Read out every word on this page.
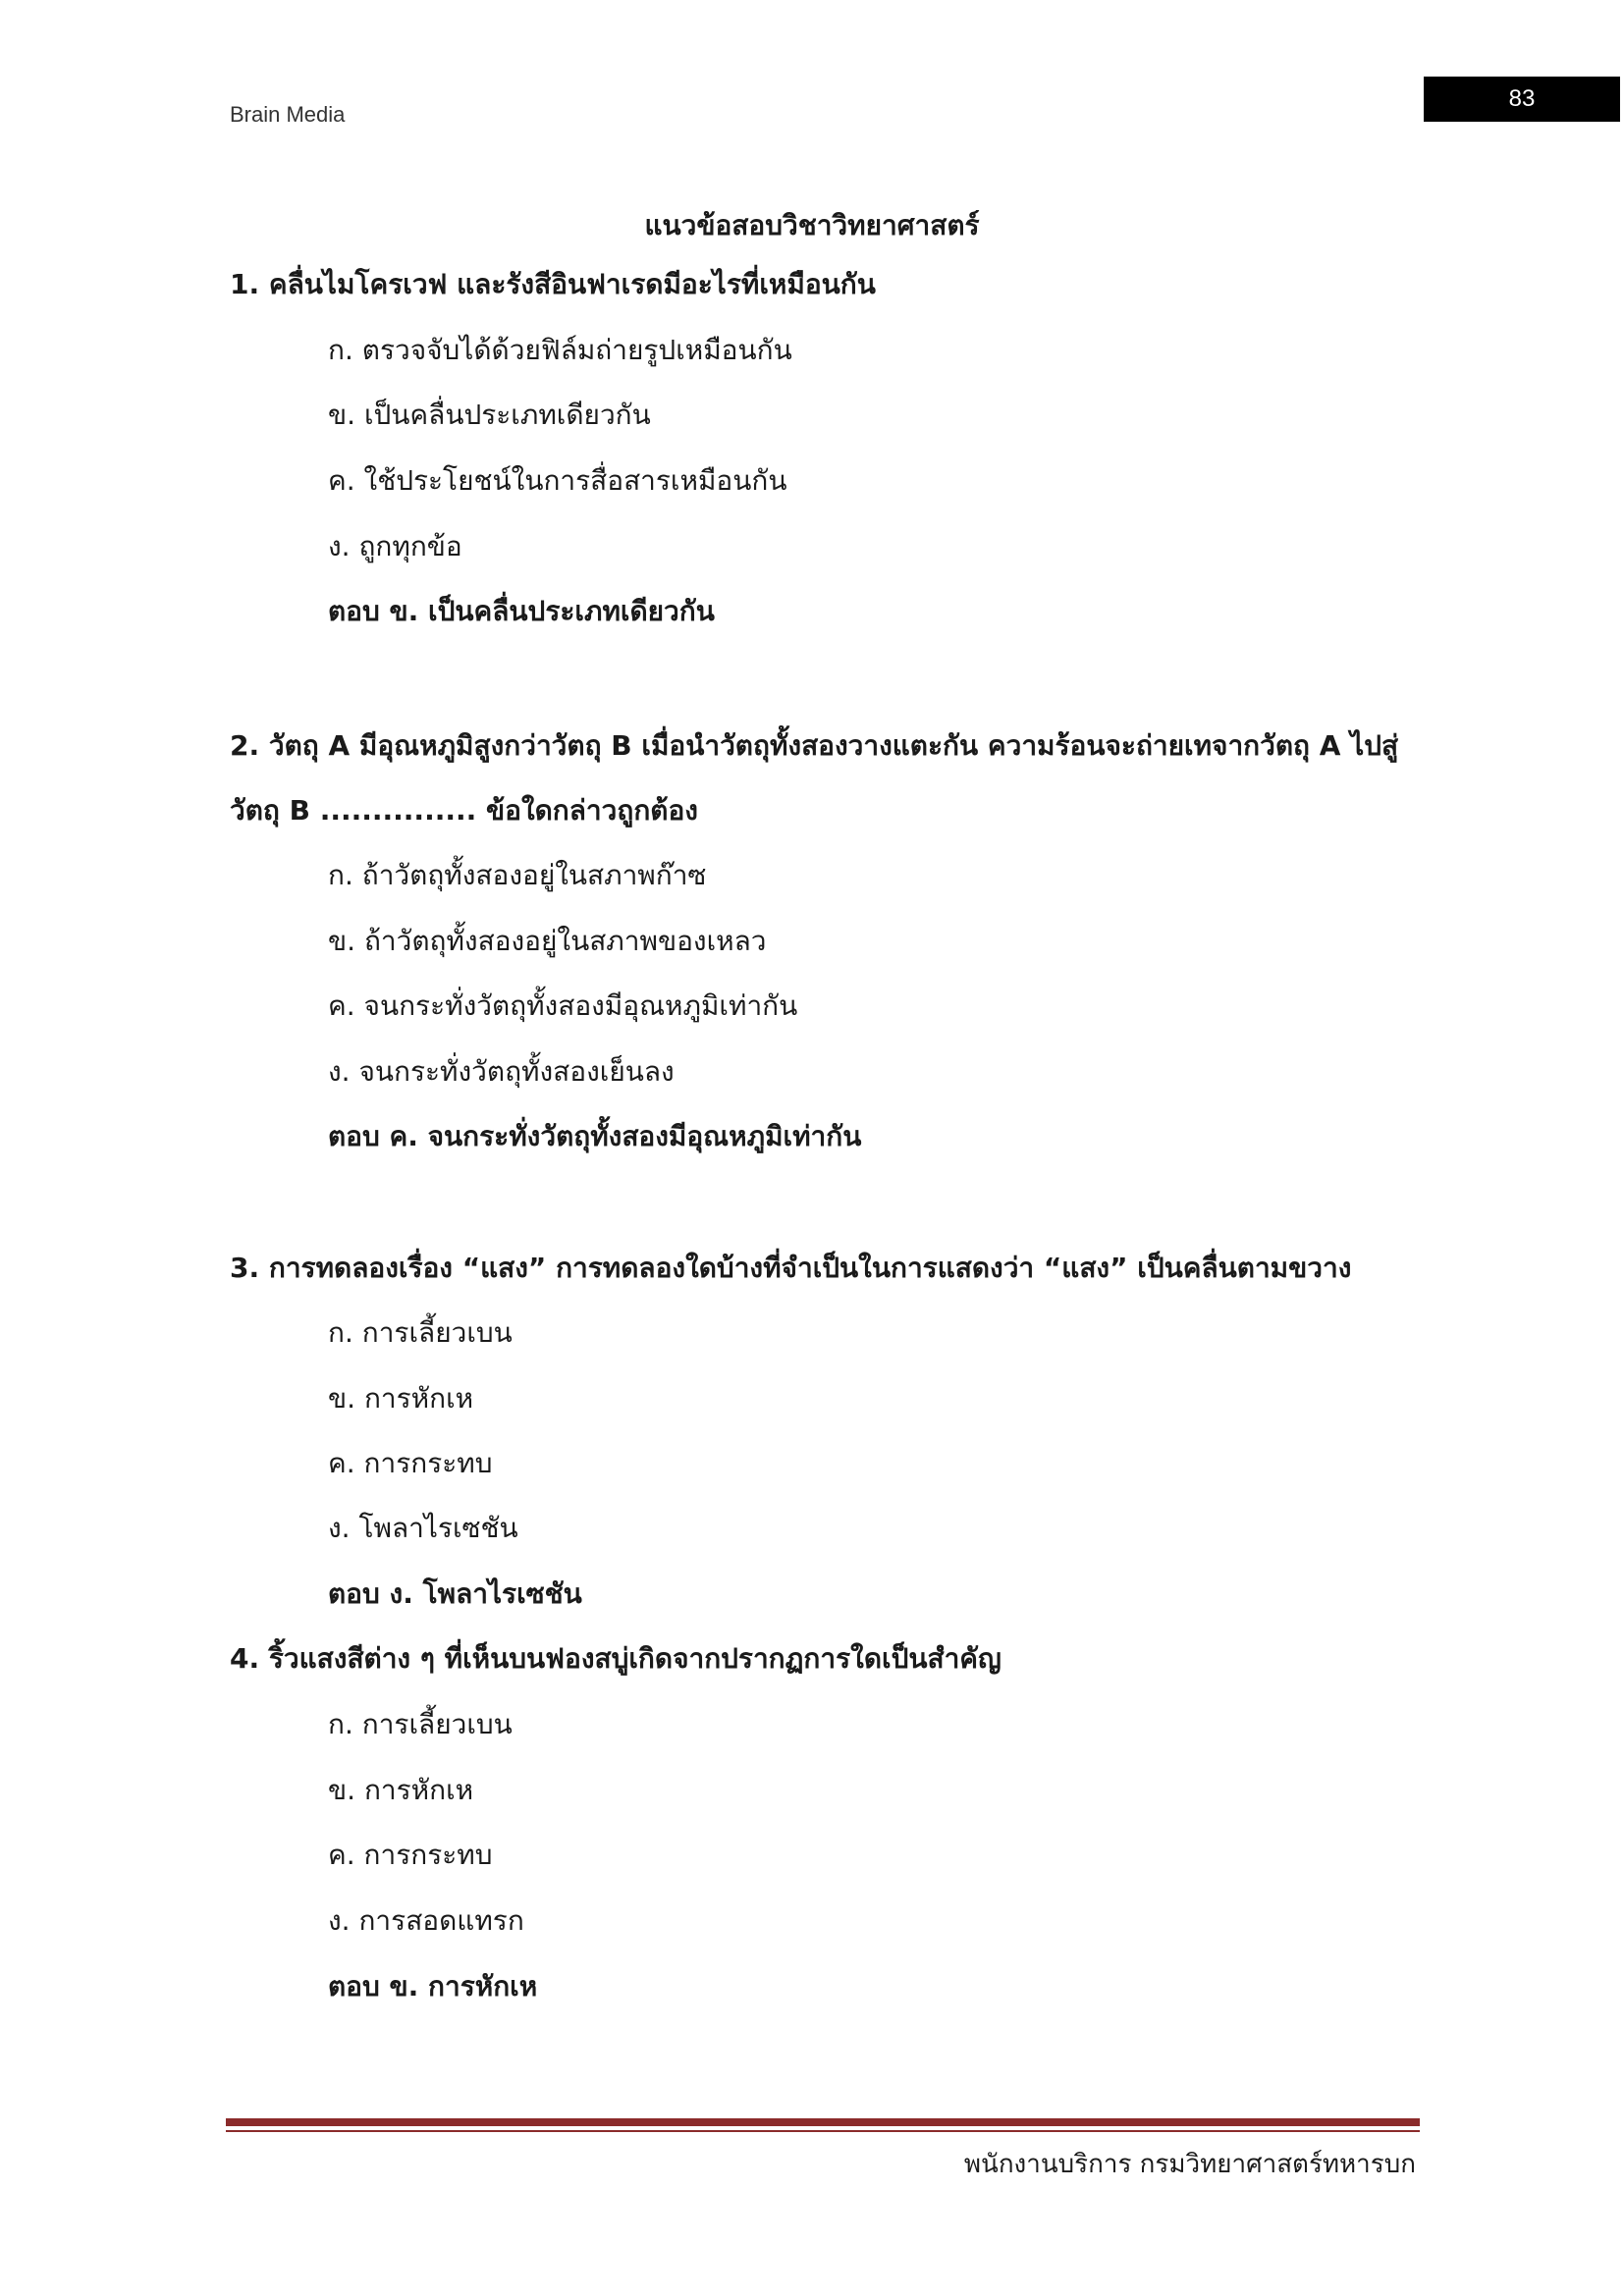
Brain Media
83
แนวข้อสอบวิชาวิทยาศาสตร์
1. คลื่นไมโครเวฟ และรังสีอินฟาเรดมีอะไรที่เหมือนกัน
ก. ตรวจจับได้ด้วยฟิล์มถ่ายรูปเหมือนกัน
ข. เป็นคลื่นประเภทเดียวกัน
ค. ใช้ประโยชน์ในการสื่อสารเหมือนกัน
ง. ถูกทุกข้อ
ตอบ ข. เป็นคลื่นประเภทเดียวกัน
2. วัตถุ A มีอุณหภูมิสูงกว่าวัตถุ B เมื่อนำวัตถุทั้งสองวางแตะกัน ความร้อนจะถ่ายเทจากวัตถุ A ไปสู่
วัตถุ B ............... ข้อใดกล่าวถูกต้อง
ก. ถ้าวัตถุทั้งสองอยู่ในสภาพก๊าซ
ข. ถ้าวัตถุทั้งสองอยู่ในสภาพของเหลว
ค. จนกระทั่งวัตถุทั้งสองมีอุณหภูมิเท่ากัน
ง. จนกระทั่งวัตถุทั้งสองเย็นลง
ตอบ ค. จนกระทั่งวัตถุทั้งสองมีอุณหภูมิเท่ากัน
3. การทดลองเรื่อง “แสง” การทดลองใดบ้างที่จำเป็นในการแสดงว่า “แสง” เป็นคลื่นตามขวาง
ก. การเลี้ยวเบน
ข. การหักเห
ค. การกระทบ
ง. โพลาไรเซชัน
ตอบ ง. โพลาไรเซชัน
4. ริ้วแสงสีต่าง ๆ ที่เห็นบนฟองสบู่เกิดจากปรากฏการใดเป็นสำคัญ
ก. การเลี้ยวเบน
ข. การหักเห
ค. การกระทบ
ง. การสอดแทรก
ตอบ ข. การหักเห
พนักงานบริการ กรมวิทยาศาสตร์ทหารบก
